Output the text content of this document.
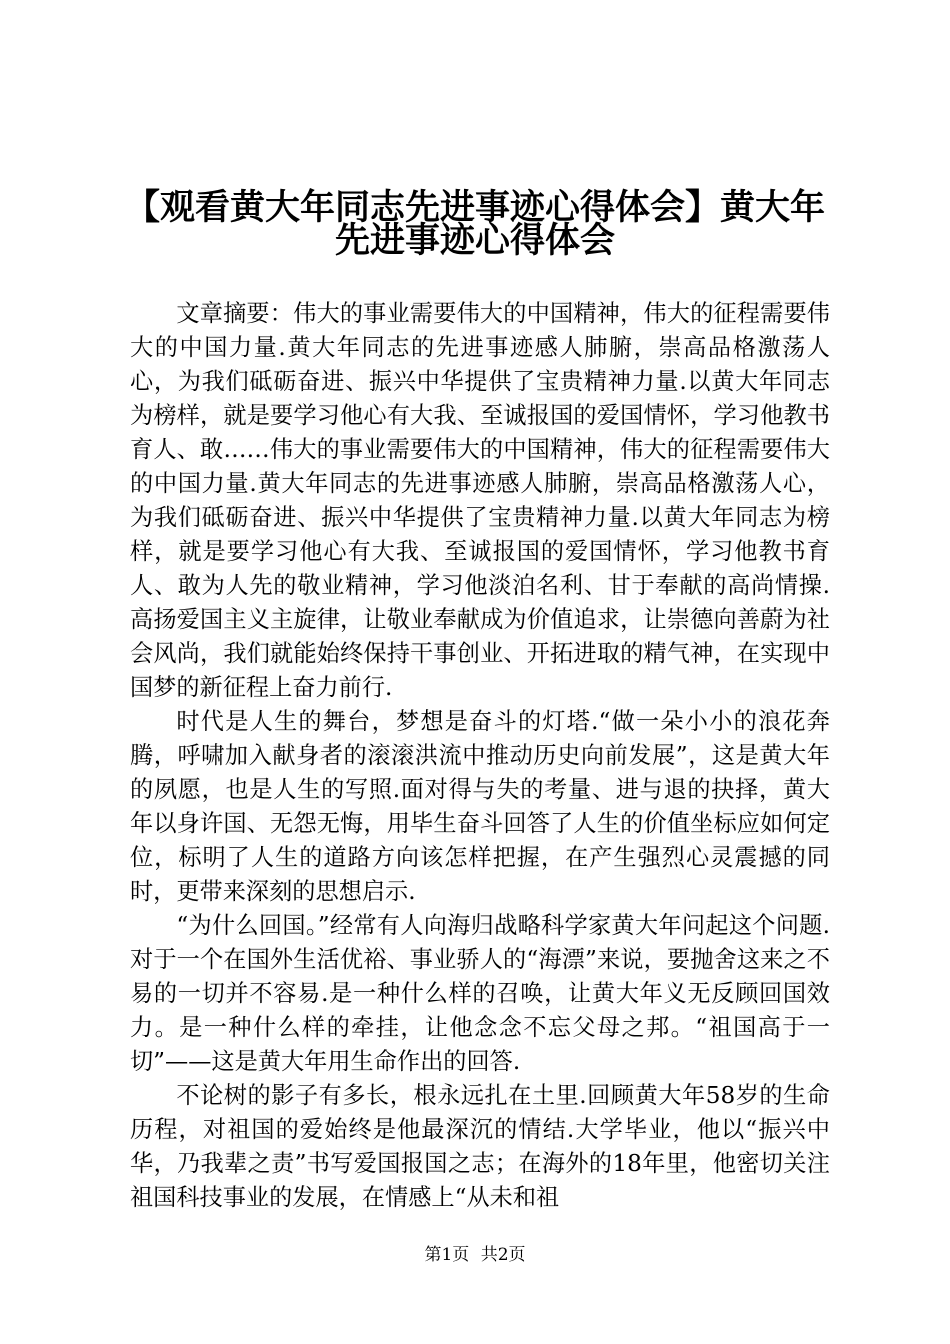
【观看黄大年同志先进事迹心得体会】黄大年
先进事迹心得体会

文章摘要：伟大的事业需要伟大的中国精神，伟大的征程需要伟大的中国力量.黄大年同志的先进事迹感人肺腑，崇高品格激荡人心，为我们砥砺奋进、振兴中华提供了宝贵精神力量.以黄大年同志为榜样，就是要学习他心有大我、至诚报国的爱国情怀，学习他教书育人、敢……伟大的事业需要伟大的中国精神，伟大的征程需要伟大的中国力量.黄大年同志的先进事迹感人肺腑，崇高品格激荡人心，为我们砥砺奋进、振兴中华提供了宝贵精神力量.以黄大年同志为榜样，就是要学习他心有大我、至诚报国的爱国情怀，学习他教书育人、敢为人先的敬业精神，学习他淡泊名利、甘于奉献的高尚情操.高扬爱国主义主旋律，让敬业奉献成为价值追求，让崇德向善蔚为社会风尚，我们就能始终保持干事创业、开拓进取的精气神，在实现中国梦的新征程上奋力前行.

时代是人生的舞台，梦想是奋斗的灯塔.“做一朵小小的浪花奔腾，呼啸加入献身者的滚滚洪流中推动历史向前发展”，这是黄大年的夙愿，也是人生的写照.面对得与失的考量、进与退的抉择，黄大年以身许国、无怨无悔，用毕生奋斗回答了人生的价值坐标应如何定位，标明了人生的道路方向该怎样把握，在产生强烈心灵震撼的同时，更带来深刻的思想启示.

“为什么回国。”经常有人向海归战略科学家黄大年问起这个问题.对于一个在国外生活优裕、事业骄人的“海漂”来说，要抛舍这来之不易的一切并不容易.是一种什么样的召唤，让黄大年义无反顾回国效力。是一种什么样的牵挂，让他念念不忘父母之邦。“祖国高于一切”——这是黄大年用生命作出的回答.

不论树的影子有多长，根永远扎在土里.回顾黄大年58岁的生命历程，对祖国的爱始终是他最深沉的情结.大学毕业，他以“振兴中华，乃我辈之责”书写爱国报国之志；在海外的18年里，他密切关注祖国科技事业的发展，在情感上“从未和祖

第1页 共2页
